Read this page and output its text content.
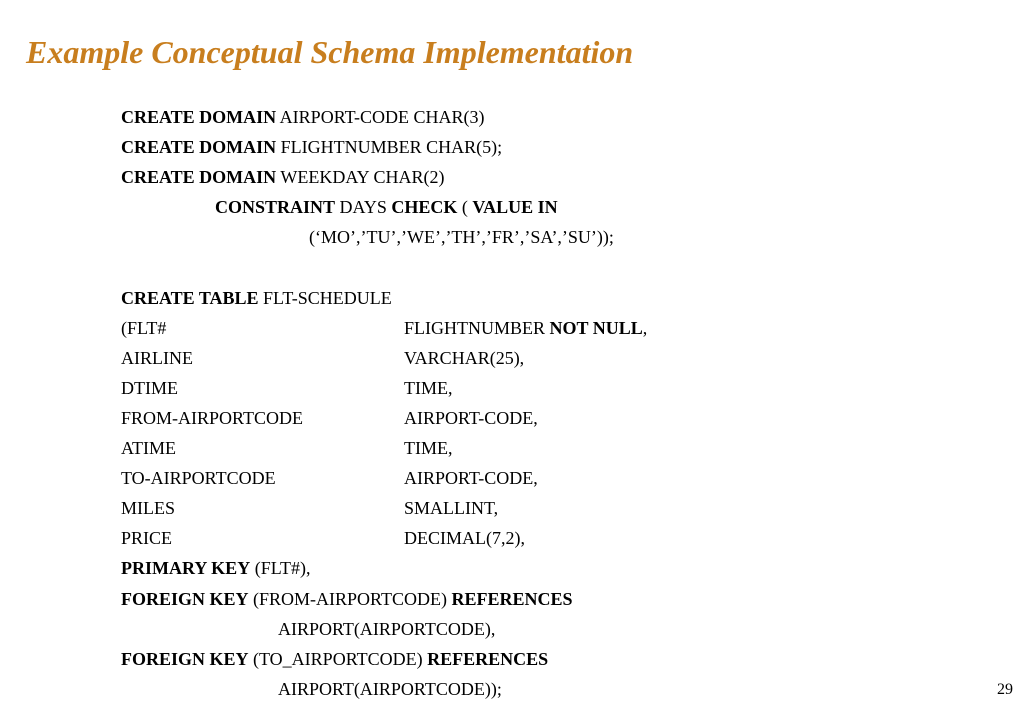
Example Conceptual Schema Implementation
CREATE DOMAIN AIRPORT-CODE CHAR(3)
CREATE DOMAIN FLIGHTNUMBER CHAR(5);
CREATE DOMAIN WEEKDAY CHAR(2)
CONSTRAINT DAYS CHECK ( VALUE IN
(‘MO’,’TU’,’WE’,’TH’,’FR’,’SA’,’SU’));
CREATE TABLE FLT-SCHEDULE
(FLT#	FLIGHTNUMBER NOT NULL,
AIRLINE	VARCHAR(25),
DTIME	TIME,
FROM-AIRPORTCODE	AIRPORT-CODE,
ATIME	TIME,
TO-AIRPORTCODE	AIRPORT-CODE,
MILES	SMALLINT,
PRICE	DECIMAL(7,2),
PRIMARY KEY (FLT#),
FOREIGN KEY (FROM-AIRPORTCODE) REFERENCES
AIRPORT(AIRPORTCODE),
FOREIGN KEY (TO_AIRPORTCODE) REFERENCES
AIRPORT(AIRPORTCODE));	29
